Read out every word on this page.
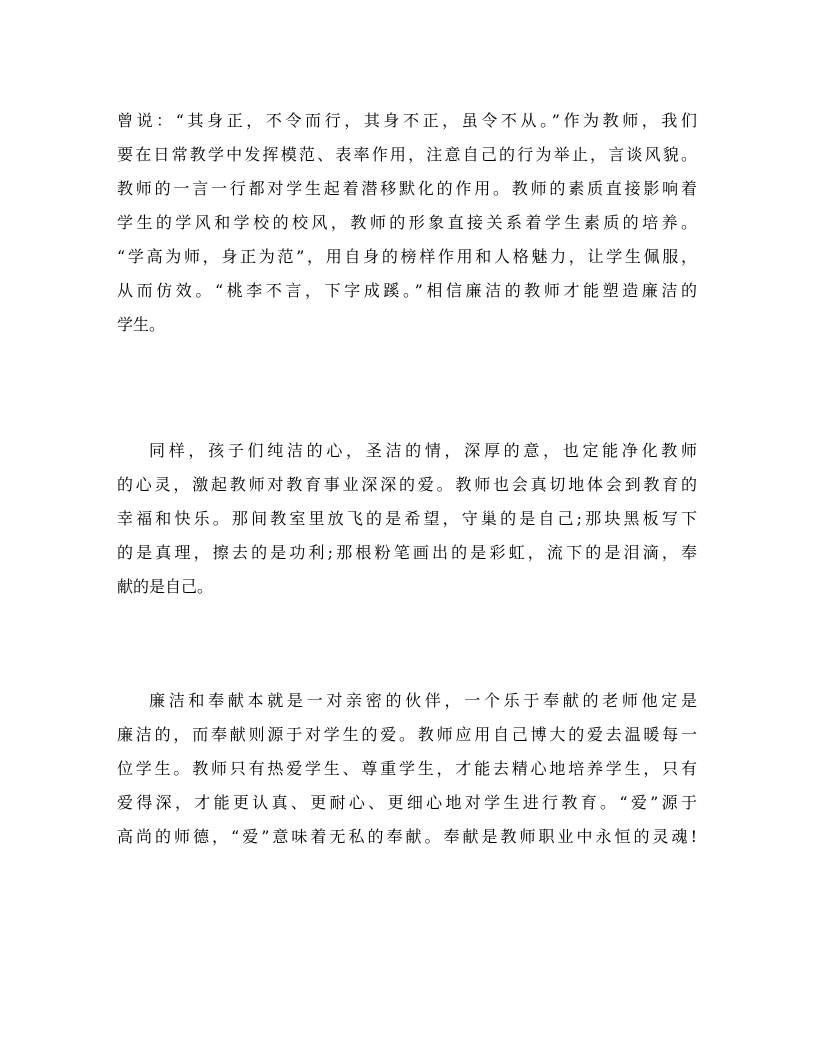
曾说：“其身正，不令而行，其身不正，虽令不从。”作为教师，我们
要在日常教学中发挥模范、表率作用，注意自己的行为举止，言谈风貌。
教师的一言一行都对学生起着潜移默化的作用。教师的素质直接影响着
学生的学风和学校的校风，教师的形象直接关系着学生素质的培养。
“学高为师，身正为范”，用自身的榜样作用和人格魅力，让学生佩服，
从而仿效。“桃李不言，下字成蹊。”相信廉洁的教师才能塑造廉洁的
学生。
同样，孩子们纯洁的心，圣洁的情，深厚的意，也定能净化教师
的心灵，激起教师对教育事业深深的爱。教师也会真切地体会到教育的
幸福和快乐。那间教室里放飞的是希望，守巢的是自己;那块黑板写下
的是真理，擦去的是功利;那根粉笔画出的是彩虹，流下的是泪滴，奉
献的是自己。
廉洁和奉献本就是一对亲密的伙伴，一个乐于奉献的老师他定是
廉洁的，而奉献则源于对学生的爱。教师应用自己博大的爱去温暖每一
位学生。教师只有热爱学生、尊重学生，才能去精心地培养学生，只有
爱得深，才能更认真、更耐心、更细心地对学生进行教育。“爱”源于
高尚的师德，“爱”意味着无私的奉献。奉献是教师职业中永恒的灵魂!
